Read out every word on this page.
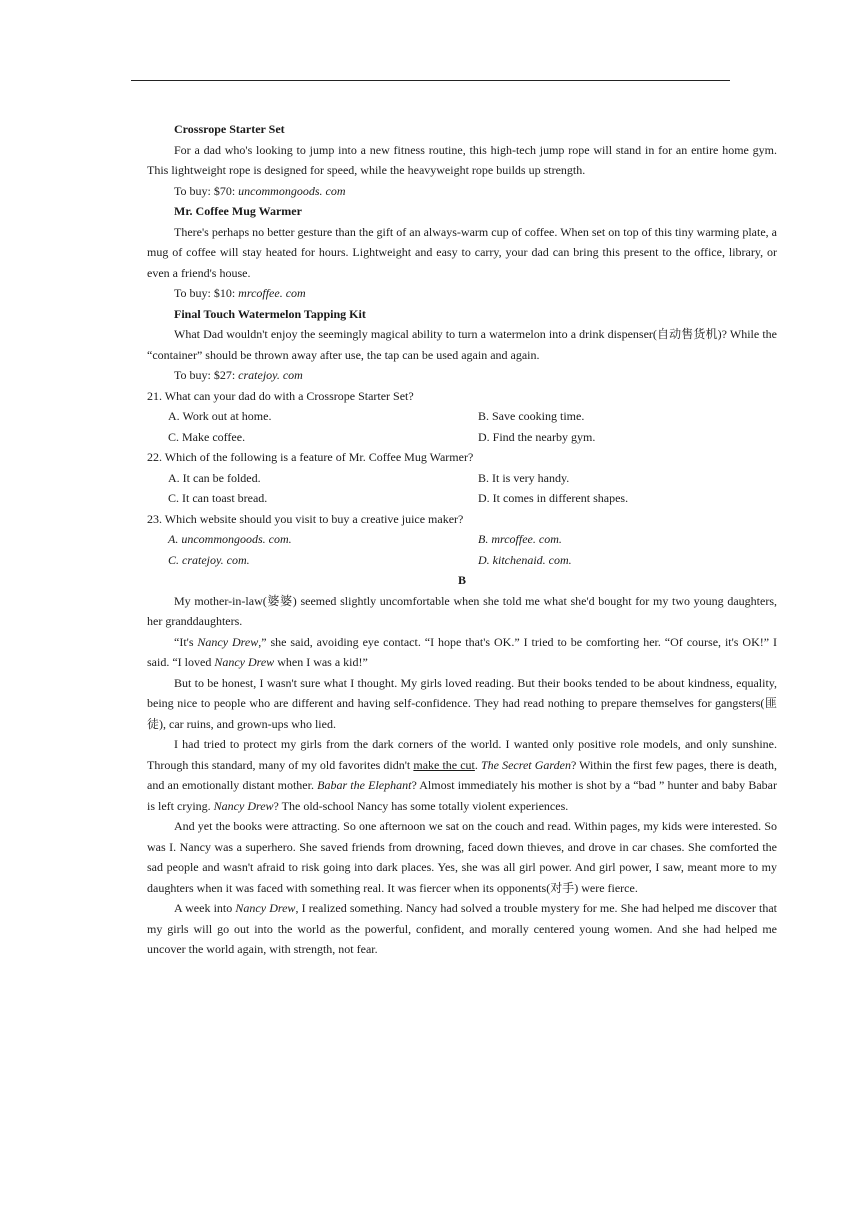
Crossrope Starter Set

For a dad who's looking to jump into a new fitness routine, this high-tech jump rope will stand in for an entire home gym. This lightweight rope is designed for speed, while the heavyweight rope builds up strength.

To buy: $70: uncommongoods. com

Mr. Coffee Mug Warmer

There's perhaps no better gesture than the gift of an always-warm cup of coffee. When set on top of this tiny warming plate, a mug of coffee will stay heated for hours. Lightweight and easy to carry, your dad can bring this present to the office, library, or even a friend's house.

To buy: $10: mrcoffee. com

Final Touch Watermelon Tapping Kit

What Dad wouldn't enjoy the seemingly magical ability to turn a watermelon into a drink dispenser(自动售货机)? While the “container” should be thrown away after use, the tap can be used again and again.

To buy: $27: cratejoy. com

21. What can your dad do with a Crossrope Starter Set?

A. Work out at home.	B. Save cooking time.
C. Make coffee.	D. Find the nearby gym.

22. Which of the following is a feature of Mr. Coffee Mug Warmer?

A. It can be folded.	B. It is very handy.
C. It can toast bread.	D. It comes in different shapes.

23. Which website should you visit to buy a creative juice maker?

A. uncommongoods. com.	B. mrcoffee. com.
C. cratejoy. com.	D. kitchenaid. com.

B

My mother-in-law(婆婆) seemed slightly uncomfortable when she told me what she'd bought for my two young daughters, her granddaughters.

“It's Nancy Drew,” she said, avoiding eye contact. “I hope that's OK.” I tried to be comforting her. “Of course, it's OK!” I said. “I loved Nancy Drew when I was a kid!”

But to be honest, I wasn't sure what I thought. My girls loved reading. But their books tended to be about kindness, equality, being nice to people who are different and having self-confidence. They had read nothing to prepare themselves for gangsters(匪徒), car ruins, and grown-ups who lied.

I had tried to protect my girls from the dark corners of the world. I wanted only positive role models, and only sunshine. Through this standard, many of my old favorites didn't make the cut. The Secret Garden? Within the first few pages, there is death, and an emotionally distant mother. Babar the Elephant? Almost immediately his mother is shot by a “bad ” hunter and baby Babar is left crying. Nancy Drew? The old-school Nancy has some totally violent experiences.

And yet the books were attracting. So one afternoon we sat on the couch and read. Within pages, my kids were interested. So was I. Nancy was a superhero. She saved friends from drowning, faced down thieves, and drove in car chases. She comforted the sad people and wasn't afraid to risk going into dark places. Yes, she was all girl power. And girl power, I saw, meant more to my daughters when it was faced with something real. It was fiercer when its opponents(对手) were fierce.

A week into Nancy Drew, I realized something. Nancy had solved a trouble mystery for me. She had helped me discover that my girls will go out into the world as the powerful, confident, and morally centered young women. And she had helped me uncover the world again, with strength, not fear.
